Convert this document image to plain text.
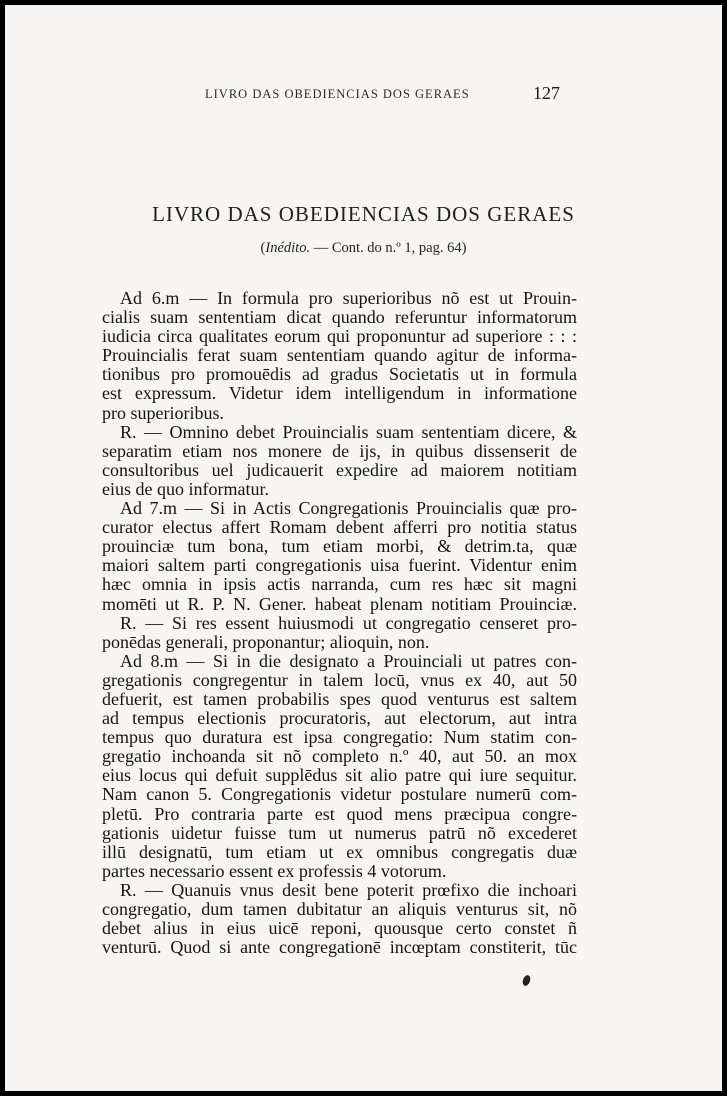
LIVRO DAS OBEDIENCIAS DOS GERAES	127
LIVRO DAS OBEDIENCIAS DOS GERAES
(Inédito. — Cont. do n.º 1, pag. 64)
Ad 6.m — In formula pro superioribus nõ est ut Prouin-
cialis suam sententiam dicat quando referuntur informatorum
iudicia circa qualitates eorum qui proponuntur ad superiore : : :
Prouincialis ferat suam sententiam quando agitur de informa-
tionibus pro promouēdis ad gradus Societatis ut in formula
est expressum. Videtur idem intelligendum in informatione
pro superioribus.
R. — Omnino debet Prouincialis suam sententiam dicere, &
separatim etiam nos monere de ijs, in quibus dissenserit de
consultoribus uel judicauerit expedire ad maiorem notitiam
eius de quo informatur.
Ad 7.m — Si in Actis Congregationis Prouincialis quæ pro-
curator electus affert Romam debent afferri pro notitia status
prouinciæ tum bona, tum etiam morbi, & detrim.ta, quæ
maiori saltem parti congregationis uisa fuerint. Videntur enim
hæc omnia in ipsis actis narranda, cum res hæc sit magni
momēti ut R. P. N. Gener. habeat plenam notitiam Prouinciæ.
R. — Si res essent huiusmodi ut congregatio censeret pro-
ponēdas generali, proponantur; alioquin, non.
Ad 8.m — Si in die designato a Prouinciali ut patres con-
gregationis congregentur in talem locū, vnus ex 40, aut 50
defuerit, est tamen probabilis spes quod venturus est saltem
ad tempus electionis procuratoris, aut electorum, aut intra
tempus quo duratura est ipsa congregatio: Num statim con-
gregatio inchoanda sit nõ completo n.º 40, aut 50. an mox
eius locus qui defuit supplēdus sit alio patre qui iure sequitur.
Nam canon 5. Congregationis videtur postulare numerū com-
pletū. Pro contraria parte est quod mens præcipua congre-
gationis uidetur fuisse tum ut numerus patrū nõ excederet
illū designatū, tum etiam ut ex omnibus congregatis duæ
partes necessario essent ex professis 4 votorum.
R. — Quanuis vnus desit bene poterit prœfixo die inchoari
congregatio, dum tamen dubitatur an aliquis venturus sit, nõ
debet alius in eius uicē reponi, quousque certo constet ñ
venturū. Quod si ante congregationē incœptam constiterit, tūc
